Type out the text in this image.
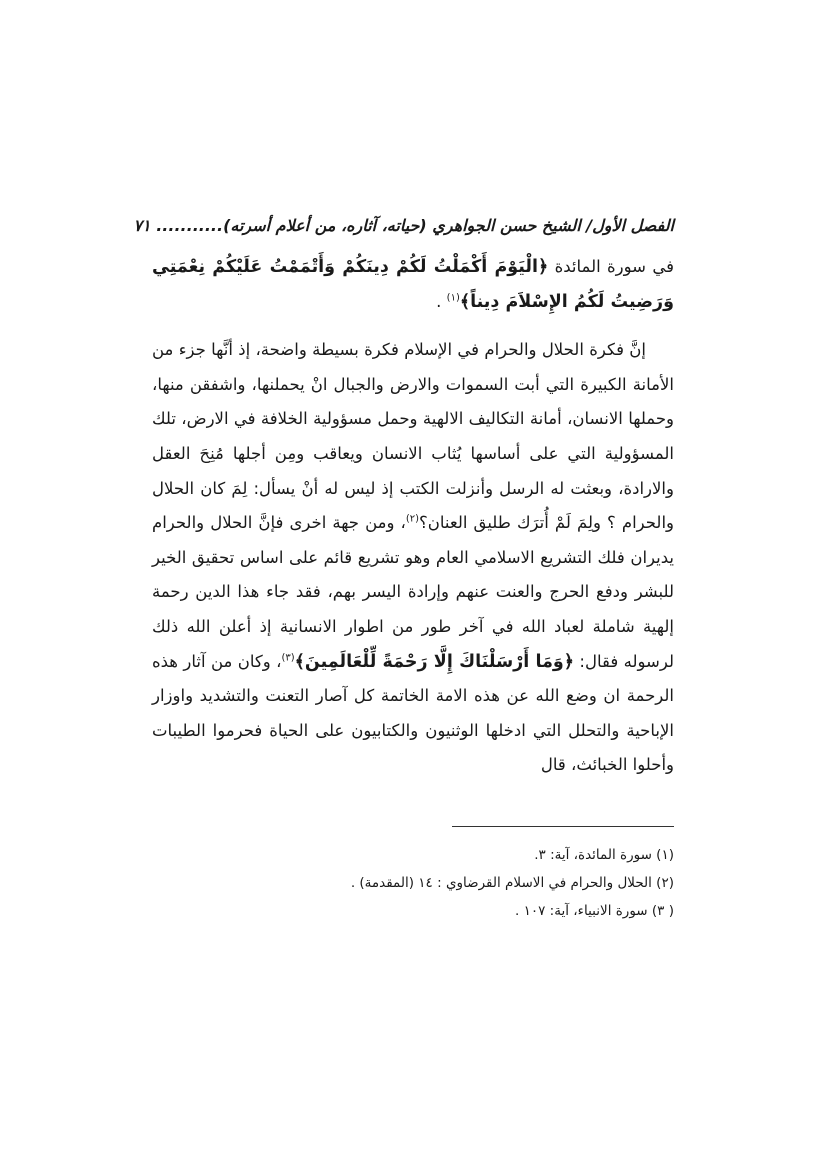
الفصل الأول/ الشيخ حسن الجواهري (حياته، آثاره، من أعلام أسرته)
........... ٧١

في سورة المائدة ﴿الْيَوْمَ أَكْمَلْتُ لَكُمْ دِينَكُمْ وَأَتْمَمْتُ عَلَيْكُمْ نِعْمَتِي وَرَضِيتُ لَكُمُ الإِسْلاَمَ دِيناً﴾$^{(١)}$ .

إنَّ فكرة الحلال والحرام في الإسلام فكرة بسيطة واضحة، إذ أنَّها جزء من الأمانة الكبيرة التي أبت السموات والارض والجبال انْ يحملنها، واشفقن منها، وحملها الانسان، أمانة التكاليف الالهية وحمل مسؤولية الخلافة في الارض، تلك المسؤولية التي على أساسها يُثاب الانسان ويعاقب ومِن أجلها مُنِحَ العقل والارادة، وبعثت له الرسل وأنزلت الكتب إذ ليس له أنْ يسأل: لِمَ كان الحلال والحرام ؟ ولِمَ لَمْ أُترَك طليق العنان؟$^{(٢)}$، ومن جهة اخرى فإنَّ الحلال والحرام يديران فلك التشريع الاسلامي العام وهو تشريع قائم على اساس تحقيق الخير للبشر ودفع الحرج والعنت عنهم وإرادة اليسر بهم، فقد جاء هذا الدين رحمة إلهية شاملة لعباد الله في آخر طور من اطوار الانسانية إذ أعلن الله ذلك لرسوله فقال: ﴿وَمَا أَرْسَلْنَاكَ إِلَّا رَحْمَةً لِّلْعَالَمِينَ﴾$^{(٣)}$، وكان من آثار هذه الرحمة ان وضع الله عن هذه الامة الخاتمة كل آصار التعنت والتشديد واوزار الإباحية والتحلل التي ادخلها الوثنيون والكتابيون على الحياة فحرموا الطيبات وأحلوا الخبائث، قال

(١) سورة المائدة، آية: ٣.
(٢) الحلال والحرام في الاسلام القرضاوي : ١٤ (المقدمة) .
( ٣) سورة الانبياء، آية: ١٠٧ .
